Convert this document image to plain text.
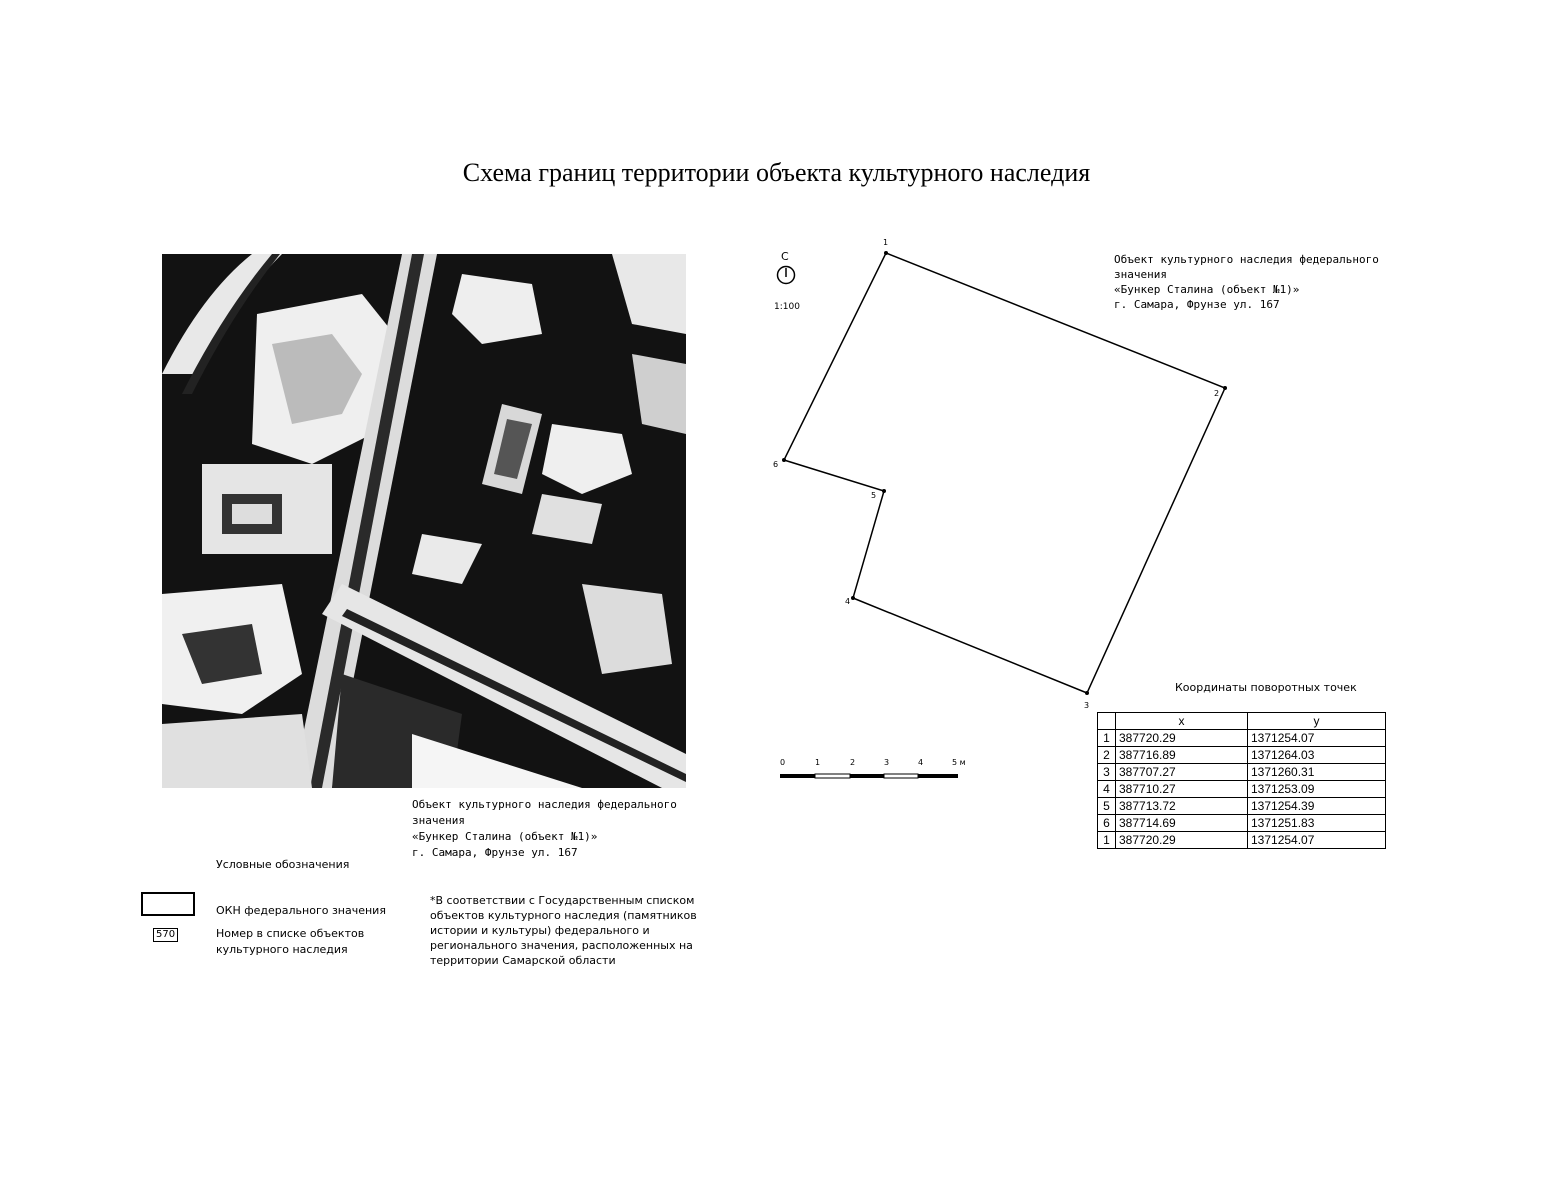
Схема границ территории объекта культурного наследия
Объект культурного наследия федерального значения
«Бункер Сталина (объект №1)»
г. Самара, Фрунзе ул. 167
Условные обозначения
ОКН федерального значения
570	Номер в списке объектов культурного наследия
*В соответствии с Государственным списком объектов культурного наследия (памятников истории и культуры) федерального и регионального значения, расположенных на территории Самарской области
С
1:100
1
2
3
4
5
6
Объект культурного наследия федерального значения
«Бункер Сталина (объект №1)»
г. Самара, Фрунзе ул. 167
0	1	2	3	4	5 м
Координаты поворотных точек
	x	y
1	387720.29	1371254.07
2	387716.89	1371264.03
3	387707.27	1371260.31
4	387710.27	1371253.09
5	387713.72	1371254.39
6	387714.69	1371251.83
1	387720.29	1371254.07
